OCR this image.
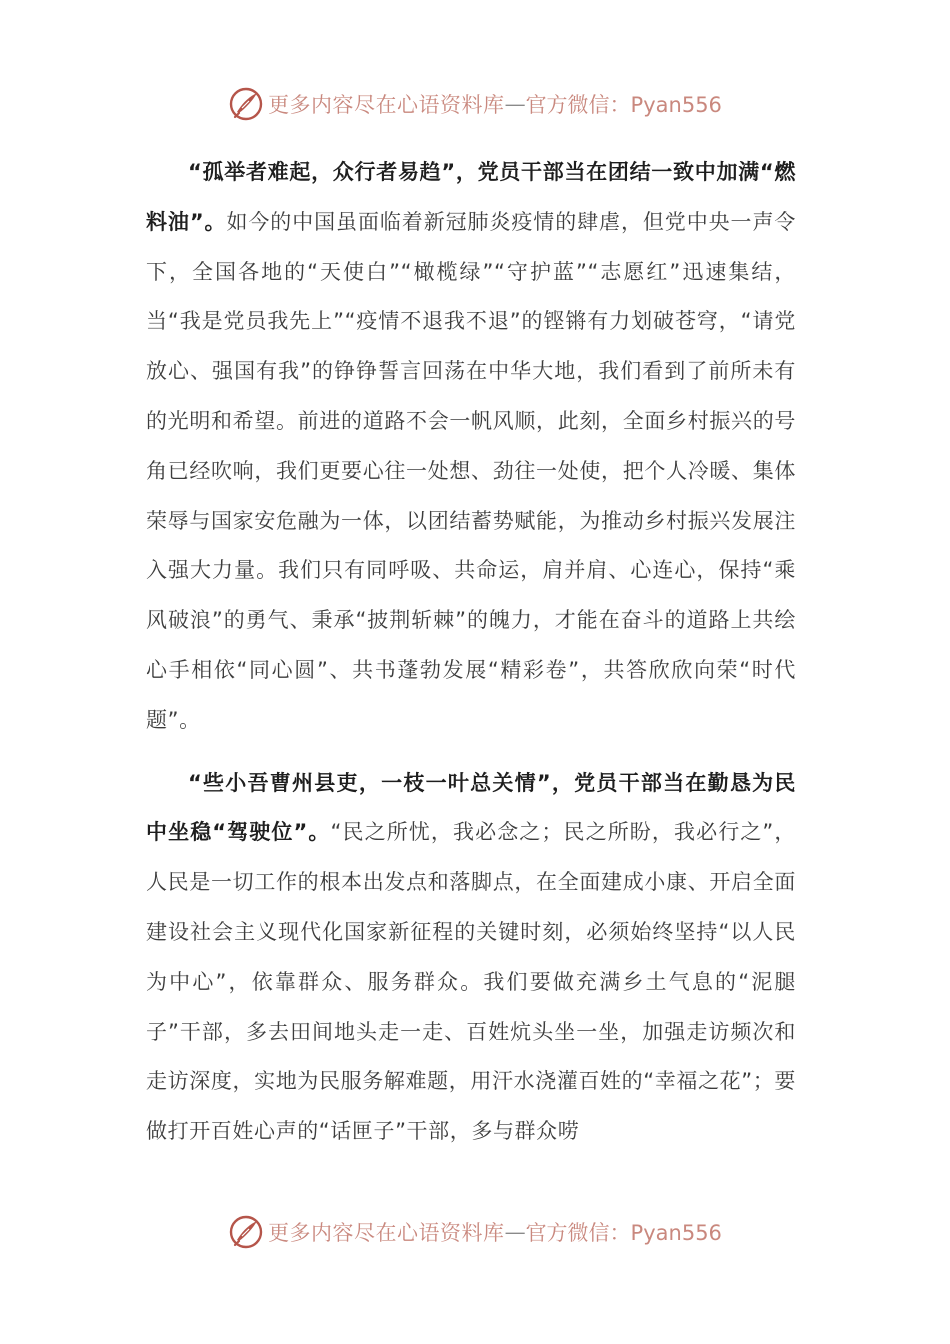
更多内容尽在心语资料库 — 官方微信：Pyan556

“孤举者难起，众行者易趋”，党员干部当在团结一致中加满“燃料油”。如今的中国虽面临着新冠肺炎疫情的肆虐，但党中央一声令下，全国各地的“天使白”“橄榄绿”“守护蓝”“志愿红”迅速集结，当“我是党员我先上”“疫情不退我不退”的铿锵有力划破苍穹，“请党放心、强国有我”的铮铮誓言回荡在中华大地，我们看到了前所未有的光明和希望。前进的道路不会一帆风顺，此刻，全面乡村振兴的号角已经吹响，我们更要心往一处想、劲往一处使，把个人冷暖、集体荣辱与国家安危融为一体，以团结蓄势赋能，为推动乡村振兴发展注入强大力量。我们只有同呼吸、共命运，肩并肩、心连心，保持“乘风破浪”的勇气、秉承“披荆斩棘”的魄力，才能在奋斗的道路上共绘心手相依“同心圆”、共书蓬勃发展“精彩卷”，共答欣欣向荣“时代题”。

“些小吾曹州县吏，一枝一叶总关情”，党员干部当在勤恳为民中坐稳“驾驶位”。“民之所忧，我必念之；民之所盼，我必行之”，人民是一切工作的根本出发点和落脚点，在全面建成小康、开启全面建设社会主义现代化国家新征程的关键时刻，必须始终坚持“以人民为中心”，依靠群众、服务群众。我们要做充满乡土气息的“泥腿子”干部，多去田间地头走一走、百姓炕头坐一坐，加强走访频次和走访深度，实地为民服务解难题，用汗水浇灌百姓的“幸福之花”；要做打开百姓心声的“话匣子”干部，多与群众唠

更多内容尽在心语资料库 — 官方微信：Pyan556
